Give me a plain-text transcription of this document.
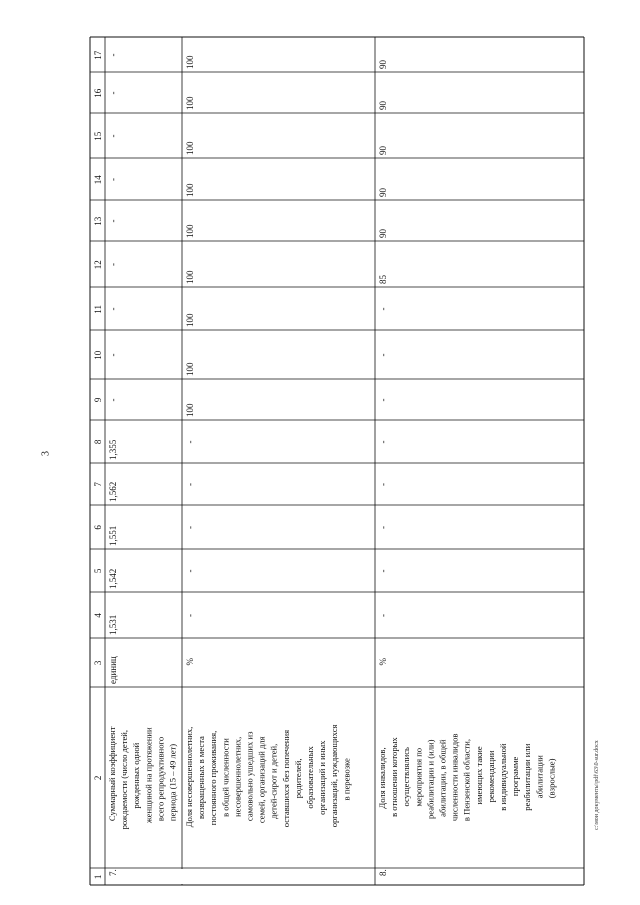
3
1
2
3
4
5
6
7
8
9
10
11
12
13
14
15
16
17
7.
Суммарный коэффициент рождаемости (число детей, рожденных одной женщиной на протяжении всего репродуктивного периода (15 – 49 лет)
единиц
1,531
1,542
1,551
1,562
1,355
-
-
-
-
-
-
-
-
-
Доля несовершеннолетних, возвращенных в места постоянного проживания, в общей численности несовершеннолетних, самовольно ушедших из семей, организаций для детей-сирот и детей, оставшихся без попечения родителей, образовательных организаций и иных организаций, нуждающихся в перевозке
%
-
-
-
-
-
100
100
100
100
100
100
100
100
100
8.
Доля инвалидов, в отношении которых осуществлялись мероприятия по реабилитации и (или) абилитации, в общей численности инвалидов в Пензенской области, имеющих такие рекомендации в индивидуальной программе реабилитации или абилитации (взрослые)
%
-
-
-
-
-
-
-
-
85
90
90
90
90
90
c:\мои документы\pdf\63\0-sur.docx
